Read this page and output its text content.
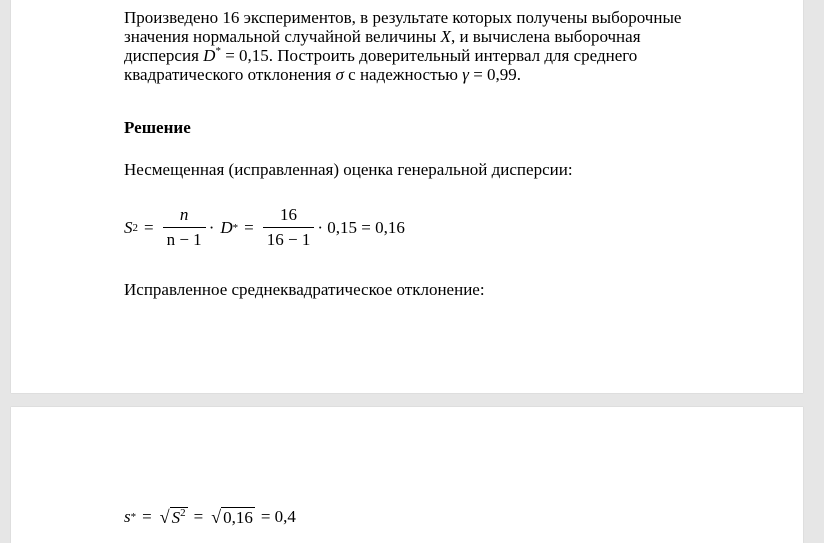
Произведено 16 экспериментов, в результате которых получены выборочные
значения нормальной случайной величины X, и вычислена выборочная
дисперсия D* = 0,15. Построить доверительный интервал для среднего
квадратического отклонения σ с надежностью γ = 0,99.

Решение

Несмещенная (исправленная) оценка генеральной дисперсии:

S $2 = \frac{n}{n - 1} \cdot D$ * = $\frac{16}{16 - 1} \cdot 0,15 = 0,16$

Исправленное среднеквадратическое отклонение:

s * = √ $S^2$ = √ 0,16 = 0,4
